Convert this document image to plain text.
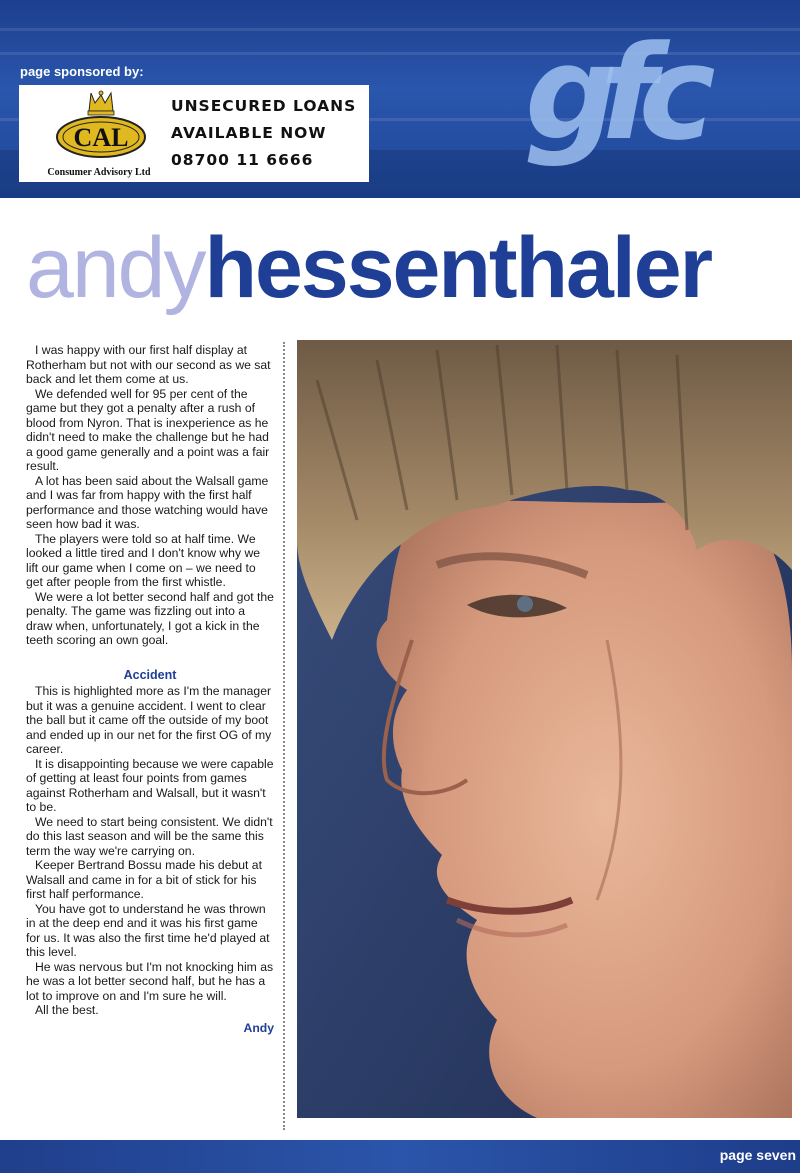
page sponsored by:
CAL
Consumer Advisory Ltd
UNSECURED LOANS
AVAILABLE NOW
08700 11 6666 gfc
andyhessenthaler

I was happy with our first half display at Rotherham but not with our second as we sat back and let them come at us.

We defended well for 95 per cent of the game but they got a penalty after a rush of blood from Nyron. That is inexperience as he didn't need to make the challenge but he had a good game generally and a point was a fair result.

A lot has been said about the Walsall game and I was far from happy with the first half performance and those watching would have seen how bad it was.

The players were told so at half time. We looked a little tired and I don't know why we lift our game when I come on – we need to get after people from the first whistle.

We were a lot better second half and got the penalty. The game was fizzling out into a draw when, unfortunately, I got a kick in the teeth scoring an own goal.

Accident

This is highlighted more as I'm the manager but it was a genuine accident. I went to clear the ball but it came off the outside of my boot and ended up in our net for the first OG of my career.

It is disappointing because we were capable of getting at least four points from games against Rotherham and Walsall, but it wasn't to be.

We need to start being consistent. We didn't do this last season and will be the same this term the way we're carrying on.

Keeper Bertrand Bossu made his debut at Walsall and came in for a bit of stick for his first half performance.

You have got to understand he was thrown in at the deep end and it was his first game for us. It was also the first time he'd played at this level.

He was nervous but I'm not knocking him as he was a lot better second half, but he has a lot to improve on and I'm sure he will.

All the best.

Andy
page seven
